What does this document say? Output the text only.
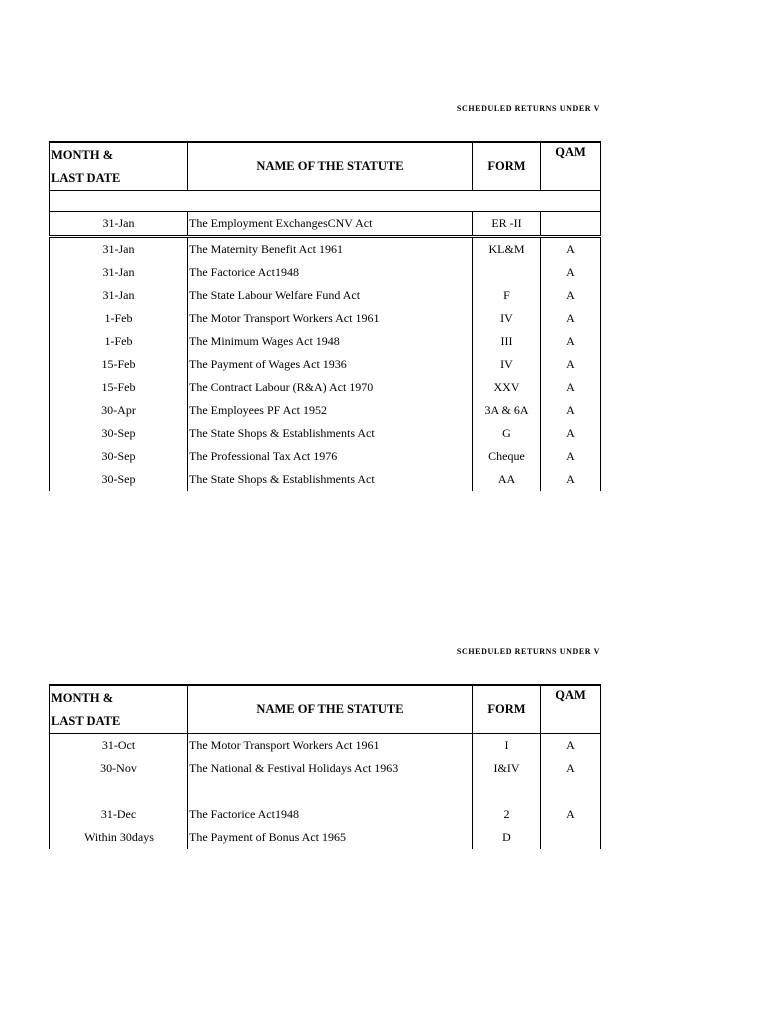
SCHEDULED RETURNS UNDER V
MONTH &
LAST DATE	NAME OF THE STATUTE	FORM	QAM

31-Jan	The Employment ExchangesCNV Act	ER -II	
31-Jan	The Maternity Benefit Act 1961	KL&M	A
31-Jan	The Factorice Act1948		A
31-Jan	The State Labour Welfare Fund Act	F	A
1-Feb	The Motor Transport Workers Act 1961	IV	A
1-Feb	The Minimum Wages Act 1948	III	A
15-Feb	The Payment of Wages Act 1936	IV	A
15-Feb	The Contract Labour (R&A) Act 1970	XXV	A
30-Apr	The Employees PF Act 1952	3A & 6A	A
30-Sep	The State Shops & Establishments Act	G	A
30-Sep	The Professional Tax Act 1976	Cheque	A
30-Sep	The State Shops & Establishments Act	AA	A
SCHEDULED RETURNS UNDER V
MONTH &
LAST DATE	NAME OF THE STATUTE	FORM	QAM
31-Oct	The Motor Transport Workers Act 1961	I	A
30-Nov	The National & Festival Holidays Act 1963	I&IV	A

31-Dec	The Factorice Act1948	2	A
Within 30days	The Payment of Bonus Act 1965	D	
